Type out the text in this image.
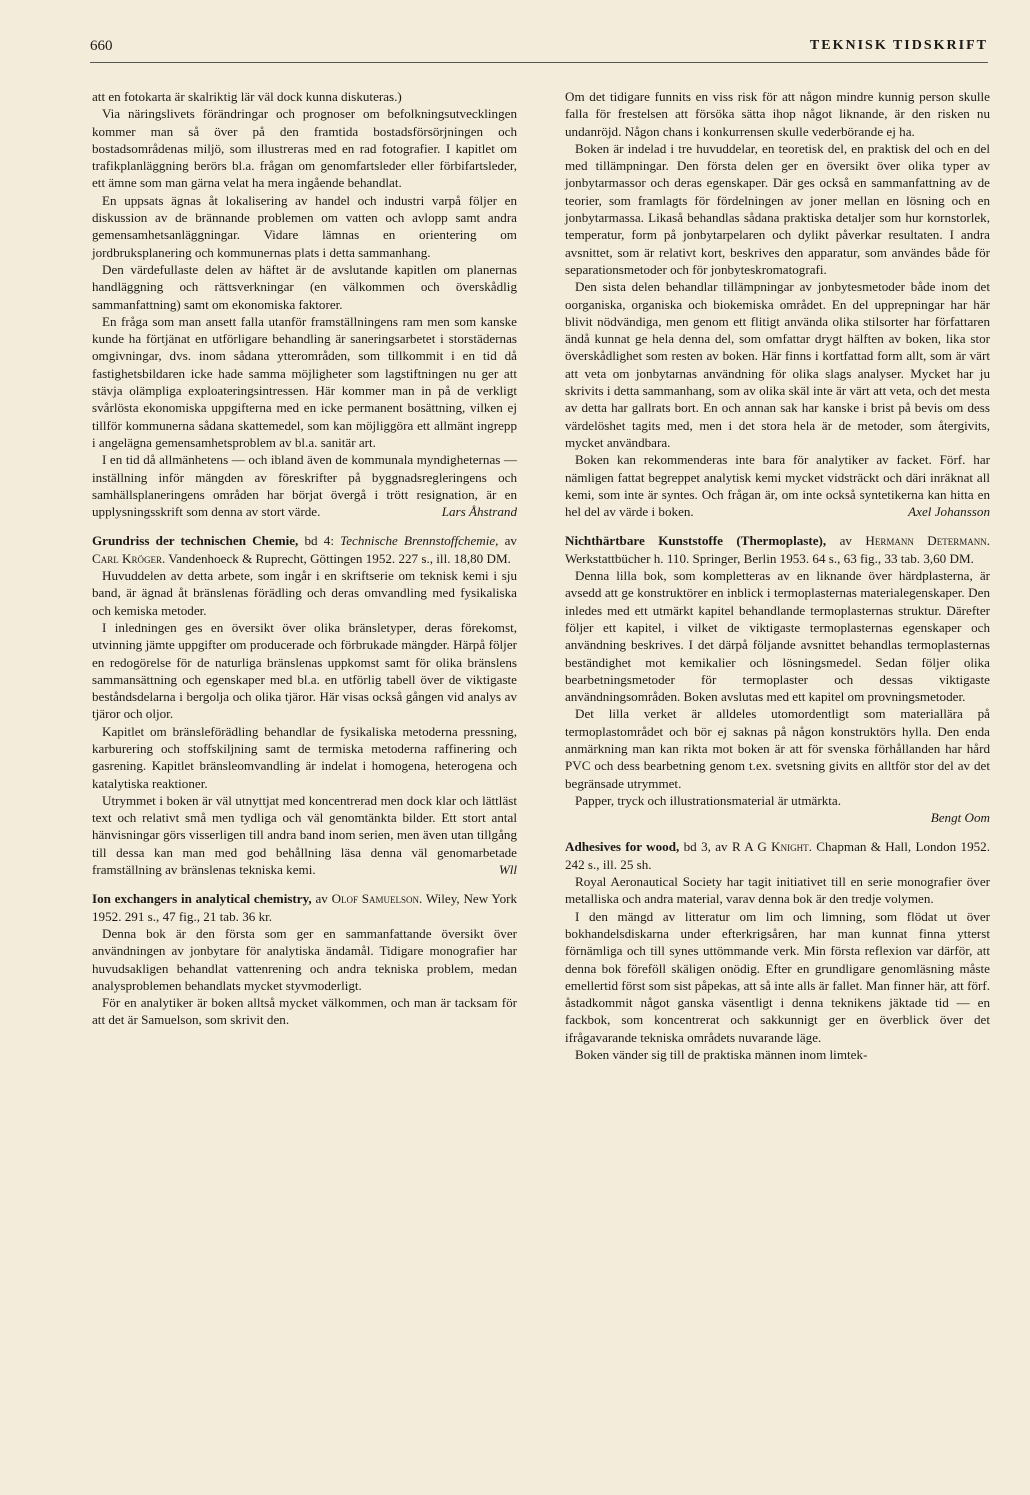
660	TEKNISK TIDSKRIFT

att en fotokarta är skalriktig lär väl dock kunna diskuteras.)

Via näringslivets förändringar och prognoser om befolkningsutvecklingen kommer man så över på den framtida bostadsförsörjningen och bostadsområdenas miljö, som illustreras med en rad fotografier. I kapitlet om trafikplanläggning berörs bl.a. frågan om genomfartsleder eller förbifartsleder, ett ämne som man gärna velat ha mera ingående behandlat.

En uppsats ägnas åt lokalisering av handel och industri varpå följer en diskussion av de brännande problemen om vatten och avlopp samt andra gemensamhetsanläggningar. Vidare lämnas en orientering om jordbruksplanering och kommunernas plats i detta sammanhang.

Den värdefullaste delen av häftet är de avslutande kapitlen om planernas handläggning och rättsverkningar (en välkommen och överskådlig sammanfattning) samt om ekonomiska faktorer.

En fråga som man ansett falla utanför framställningens ram men som kanske kunde ha förtjänat en utförligare behandling är saneringsarbetet i storstädernas omgivningar, dvs. inom sådana ytterområden, som tillkommit i en tid då fastighetsbildaren icke hade samma möjligheter som lagstiftningen nu ger att stävja olämpliga exploateringsintressen. Här kommer man in på de verkligt svårlösta ekonomiska uppgifterna med en icke permanent bosättning, vilken ej tillför kommunerna sådana skattemedel, som kan möjliggöra ett allmänt ingrepp i angelägna gemensamhetsproblem av bl.a. sanitär art.

I en tid då allmänhetens — och ibland även de kommunala myndigheternas — inställning inför mängden av föreskrifter på byggnadsregleringens och samhällsplaneringens områden har börjat övergå i trött resignation, är en upplysningsskrift som denna av stort värde.	Lars Åhstrand

Grundriss der technischen Chemie, bd 4: Technische Brennstoffchemie, av Carl Kröger. Vandenhoeck & Ruprecht, Göttingen 1952. 227 s., ill. 18,80 DM.

Huvuddelen av detta arbete, som ingår i en skriftserie om teknisk kemi i sju band, är ägnad åt bränslenas förädling och deras omvandling med fysikaliska och kemiska metoder.

I inledningen ges en översikt över olika bränsletyper, deras förekomst, utvinning jämte uppgifter om producerade och förbrukade mängder. Härpå följer en redogörelse för de naturliga bränslenas uppkomst samt för olika bränslens sammansättning och egenskaper med bl.a. en utförlig tabell över de viktigaste beståndsdelarna i bergolja och olika tjäror. Här visas också gången vid analys av tjäror och oljor.

Kapitlet om bränsleförädling behandlar de fysikaliska metoderna pressning, karburering och stoffskiljning samt de termiska metoderna raffinering och gasrening. Kapitlet bränsleomvandling är indelat i homogena, heterogena och katalytiska reaktioner.

Utrymmet i boken är väl utnyttjat med koncentrerad men dock klar och lättläst text och relativt små men tydliga och väl genomtänkta bilder. Ett stort antal hänvisningar görs visserligen till andra band inom serien, men även utan tillgång till dessa kan man med god behållning läsa denna väl genomarbetade framställning av bränslenas tekniska kemi.	Wll

Ion exchangers in analytical chemistry, av Olof Samuelson. Wiley, New York 1952. 291 s., 47 fig., 21 tab. 36 kr.

Denna bok är den första som ger en sammanfattande översikt över användningen av jonbytare för analytiska ändamål. Tidigare monografier har huvudsakligen behandlat vattenrening och andra tekniska problem, medan analysproblemen behandlats mycket styvmoderligt.

För en analytiker är boken alltså mycket välkommen, och man är tacksam för att det är Samuelson, som skrivit den.

Om det tidigare funnits en viss risk för att någon mindre kunnig person skulle falla för frestelsen att försöka sätta ihop något liknande, är den risken nu undanröjd. Någon chans i konkurrensen skulle vederbörande ej ha.

Boken är indelad i tre huvuddelar, en teoretisk del, en praktisk del och en del med tillämpningar. Den första delen ger en översikt över olika typer av jonbytarmassor och deras egenskaper. Där ges också en sammanfattning av de teorier, som framlagts för fördelningen av joner mellan en lösning och en jonbytarmassa. Likaså behandlas sådana praktiska detaljer som hur kornstorlek, temperatur, form på jonbytarpelaren och dylikt påverkar resultaten. I andra avsnittet, som är relativt kort, beskrives den apparatur, som användes både för separationsmetoder och för jonbyteskromatografi.

Den sista delen behandlar tillämpningar av jonbytesmetoder både inom det oorganiska, organiska och biokemiska området. En del upprepningar har här blivit nödvändiga, men genom ett flitigt använda olika stilsorter har författaren ändå kunnat ge hela denna del, som omfattar drygt hälften av boken, lika stor överskådlighet som resten av boken. Här finns i kortfattad form allt, som är värt att veta om jonbytarnas användning för olika slags analyser. Mycket har ju skrivits i detta sammanhang, som av olika skäl inte är värt att veta, och det mesta av detta har gallrats bort. En och annan sak har kanske i brist på bevis om dess värdelöshet tagits med, men i det stora hela är de metoder, som återgivits, mycket användbara.

Boken kan rekommenderas inte bara för analytiker av facket. Förf. har nämligen fattat begreppet analytisk kemi mycket vidsträckt och däri inräknat all kemi, som inte är syntes. Och frågan är, om inte också syntetikerna kan hitta en hel del av värde i boken.	Axel Johansson

Nichthärtbare Kunststoffe (Thermoplaste), av Hermann Determann. Werkstattbücher h. 110. Springer, Berlin 1953. 64 s., 63 fig., 33 tab. 3,60 DM.

Denna lilla bok, som kompletteras av en liknande över härdplasterna, är avsedd att ge konstruktörer en inblick i termoplasternas materialegenskaper. Den inledes med ett utmärkt kapitel behandlande termoplasternas struktur. Därefter följer ett kapitel, i vilket de viktigaste termoplasternas egenskaper och användning beskrives. I det därpå följande avsnittet behandlas termoplasternas beständighet mot kemikalier och lösningsmedel. Sedan följer olika bearbetningsmetoder för termoplaster och dessas viktigaste användningsområden. Boken avslutas med ett kapitel om provningsmetoder.

Det lilla verket är alldeles utomordentligt som materiallära på termoplastområdet och bör ej saknas på någon konstruktörs hylla. Den enda anmärkning man kan rikta mot boken är att för svenska förhållanden har hård PVC och dess bearbetning genom t.ex. svetsning givits en alltför stor del av det begränsade utrymmet.

Papper, tryck och illustrationsmaterial är utmärkta.

Bengt Oom

Adhesives for wood, bd 3, av R A G Knight. Chapman & Hall, London 1952. 242 s., ill. 25 sh.

Royal Aeronautical Society har tagit initiativet till en serie monografier över metalliska och andra material, varav denna bok är den tredje volymen.

I den mängd av litteratur om lim och limning, som flödat ut över bokhandelsdiskarna under efterkrigsåren, har man kunnat finna ytterst förnämliga och till synes uttömmande verk. Min första reflexion var därför, att denna bok föreföll skäligen onödig. Efter en grundligare genomläsning måste emellertid först som sist påpekas, att så inte alls är fallet. Man finner här, att förf. åstadkommit något ganska väsentligt i denna teknikens jäktade tid — en fackbok, som koncentrerat och sakkunnigt ger en överblick över det ifrågavarande tekniska områdets nuvarande läge.

Boken vänder sig till de praktiska männen inom limtek-
